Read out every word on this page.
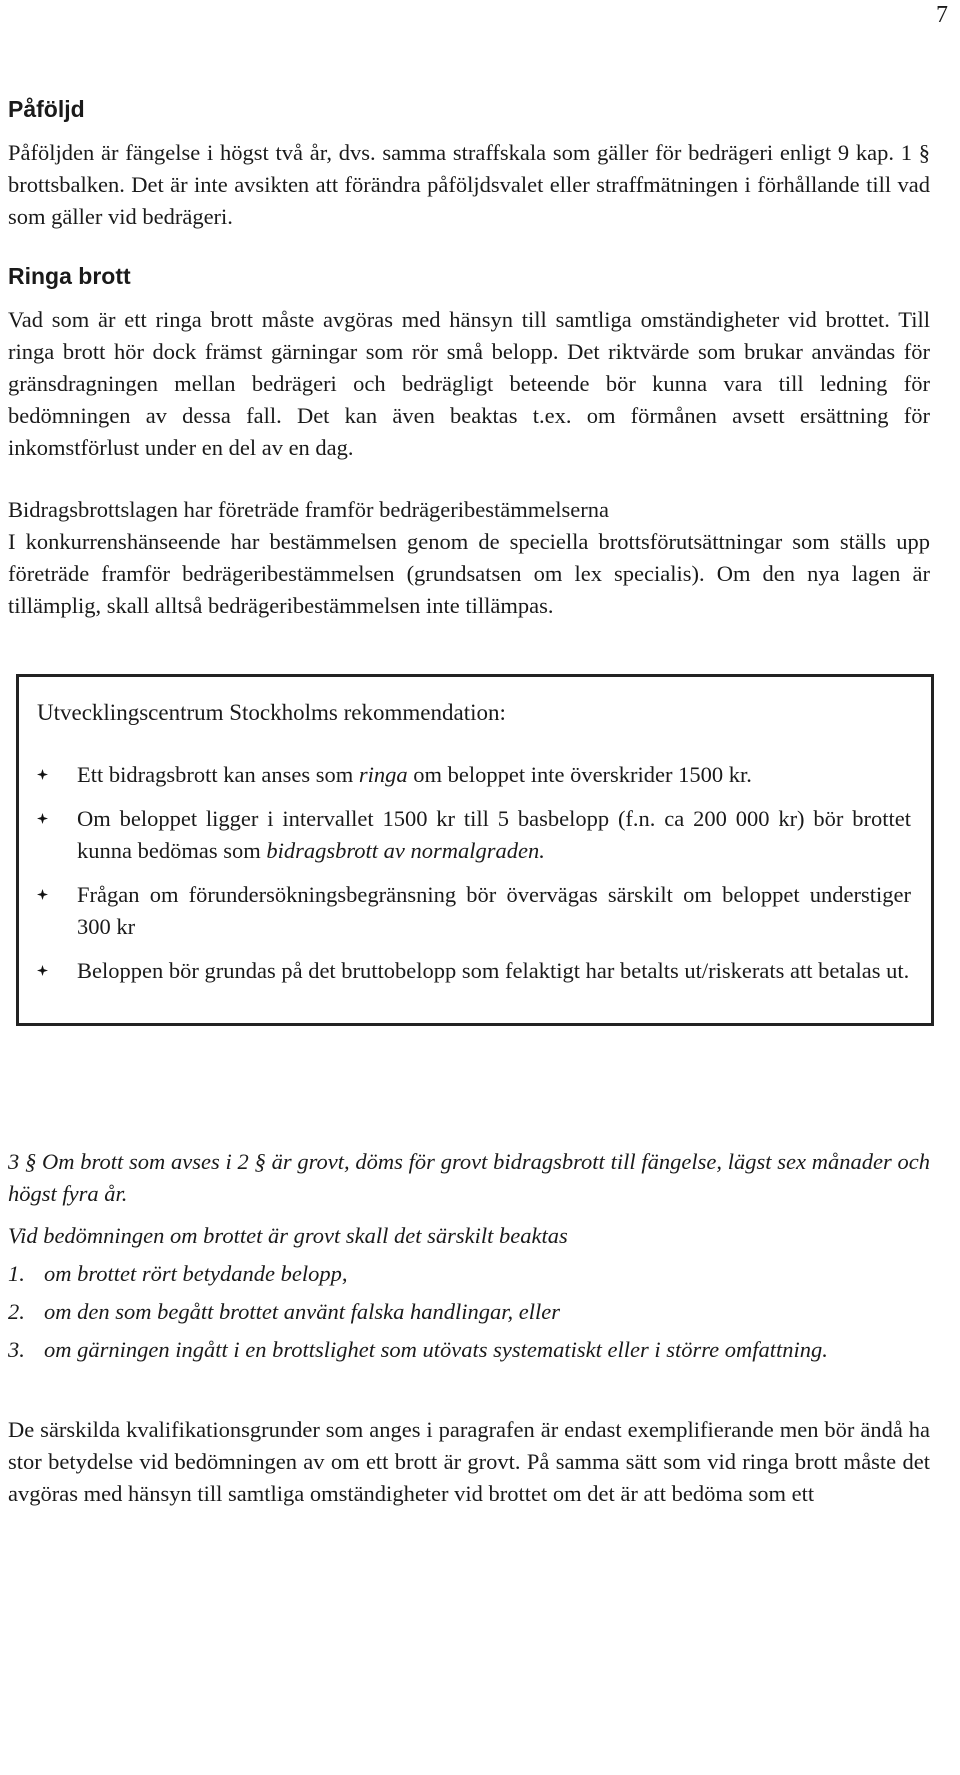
7
Påföljd

Påföljden är fängelse i högst två år, dvs. samma straffskala som gäller för bedrägeri enligt 9 kap. 1 § brottsbalken. Det är inte avsikten att förändra påföljdsvalet eller straffmätningen i förhållande till vad som gäller vid bedrägeri.

Ringa brott

Vad som är ett ringa brott måste avgöras med hänsyn till samtliga omständigheter vid brottet. Till ringa brott hör dock främst gärningar som rör små belopp. Det riktvärde som brukar användas för gränsdragningen mellan bedrägeri och bedrägligt beteende bör kunna vara till ledning för bedömningen av dessa fall. Det kan även beaktas t.ex. om förmånen avsett ersättning för inkomstförlust under en del av en dag.

Bidragsbrottslagen har företräde framför bedrägeribestämmelserna

I konkurrenshänseende har bestämmelsen genom de speciella brottsförutsättningar som ställs upp företräde framför bedrägeribestämmelsen (grundsatsen om lex specialis). Om den nya lagen är tillämplig, skall alltså bedrägeribestämmelsen inte tillämpas.

Utvecklingscentrum Stockholms rekommendation:
Ett bidragsbrott kan anses som ringa om beloppet inte överskrider 1500 kr.
Om beloppet ligger i intervallet 1500 kr till 5 basbelopp (f.n. ca 200 000 kr) bör brottet kunna bedömas som bidragsbrott av normalgraden.
Frågan om förundersökningsbegränsning bör övervägas särskilt om beloppet understiger 300 kr
Beloppen bör grundas på det bruttobelopp som felaktigt har betalts ut/riskerats att betalas ut.

3 § Om brott som avses i 2 § är grovt, döms för grovt bidragsbrott till fängelse, lägst sex månader och högst fyra år.

Vid bedömningen om brottet är grovt skall det särskilt beaktas

1. om brottet rört betydande belopp,
2. om den som begått brottet använt falska handlingar, eller
3. om gärningen ingått i en brottslighet som utövats systematiskt eller i större omfattning.

De särskilda kvalifikationsgrunder som anges i paragrafen är endast exemplifierande men bör ändå ha stor betydelse vid bedömningen av om ett brott är grovt. På samma sätt som vid ringa brott måste det avgöras med hänsyn till samtliga omständigheter vid brottet om det är att bedöma som ett
